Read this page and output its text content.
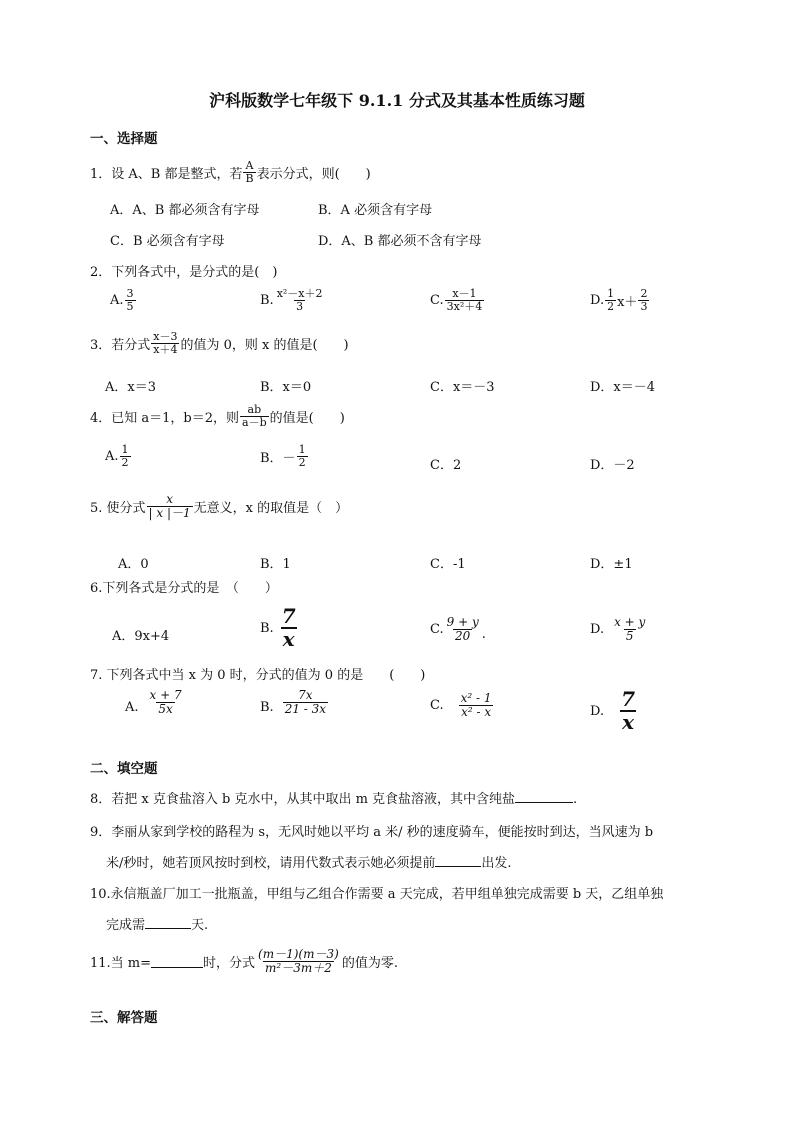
沪科版数学七年级下 9.1.1 分式及其基本性质练习题
一、选择题
1．设 A、B 都是整式，若 $\frac{A}{B}$ 表示分式，则(　　)
A．A、B 都必须含有字母	B．A 必须含有字母
C．B 必须含有字母	D．A、B 都必须不含有字母
2．下列各式中，是分式的是(　)
A. $\frac{3}{5}$	B. $\frac{\text{x²－x＋2}}{3}$	C. $\frac{x-1}{\text{3x²＋4}}$	D. $\frac{1}{2} x+ \frac{2}{3}$
3．若分式 $\frac{x-3}{x+4}$ 的值为 0，则 x 的值是(　　)
A．x＝3	B．x＝0	C．x＝－3	D．x＝－4
4．已知 a＝1，b＝2，则 $\frac{ab}{a-b}$ 的值是(　　)
A. $\frac{1}{2}$	B．－ $\frac{1}{2}$	C．2	D．－2
5. 使分式 $\frac{x}{| x |-1}$ 无意义，x 的取值是（　）
A．0	B．1	C．-1	D．±1
6.下列各式是分式的是　（　　）
A．9x+4
B. $\frac{7}{x}$	C. $\frac{9 + y}{20}$ .	D. $\frac{x + y}{5}$
7. 下列各式中当 x 为 0 时，分式的值为 0 的是　　(　　)
A. $\frac{x + 7}{5x}$	B. $\frac{7x}{21 - 3x}$	C. $\frac{\text{x² - 1}}{\text{x² - x}}$	D. $\frac{7}{x}$
二、填空题
8．若把 x 克食盐溶入 b 克水中，从其中取出 m 克食盐溶液，其中含纯盐	.
9．李丽从家到学校的路程为 s，无风时她以平均 a 米/ 秒的速度骑车，便能按时到达，当风速为 b
米/秒时，她若顶风按时到校，请用代数式表示她必须提前	出发.
10.永信瓶盖厂加工一批瓶盖，甲组与乙组合作需要 a 天完成，若甲组单独完成需要 b 天，乙组单独
完成需	天.
11.当 m=	时，分式 $\frac{(m-1)(m-3)}{\text{m²－3m＋2}}$ 的值为零.
三、解答题
